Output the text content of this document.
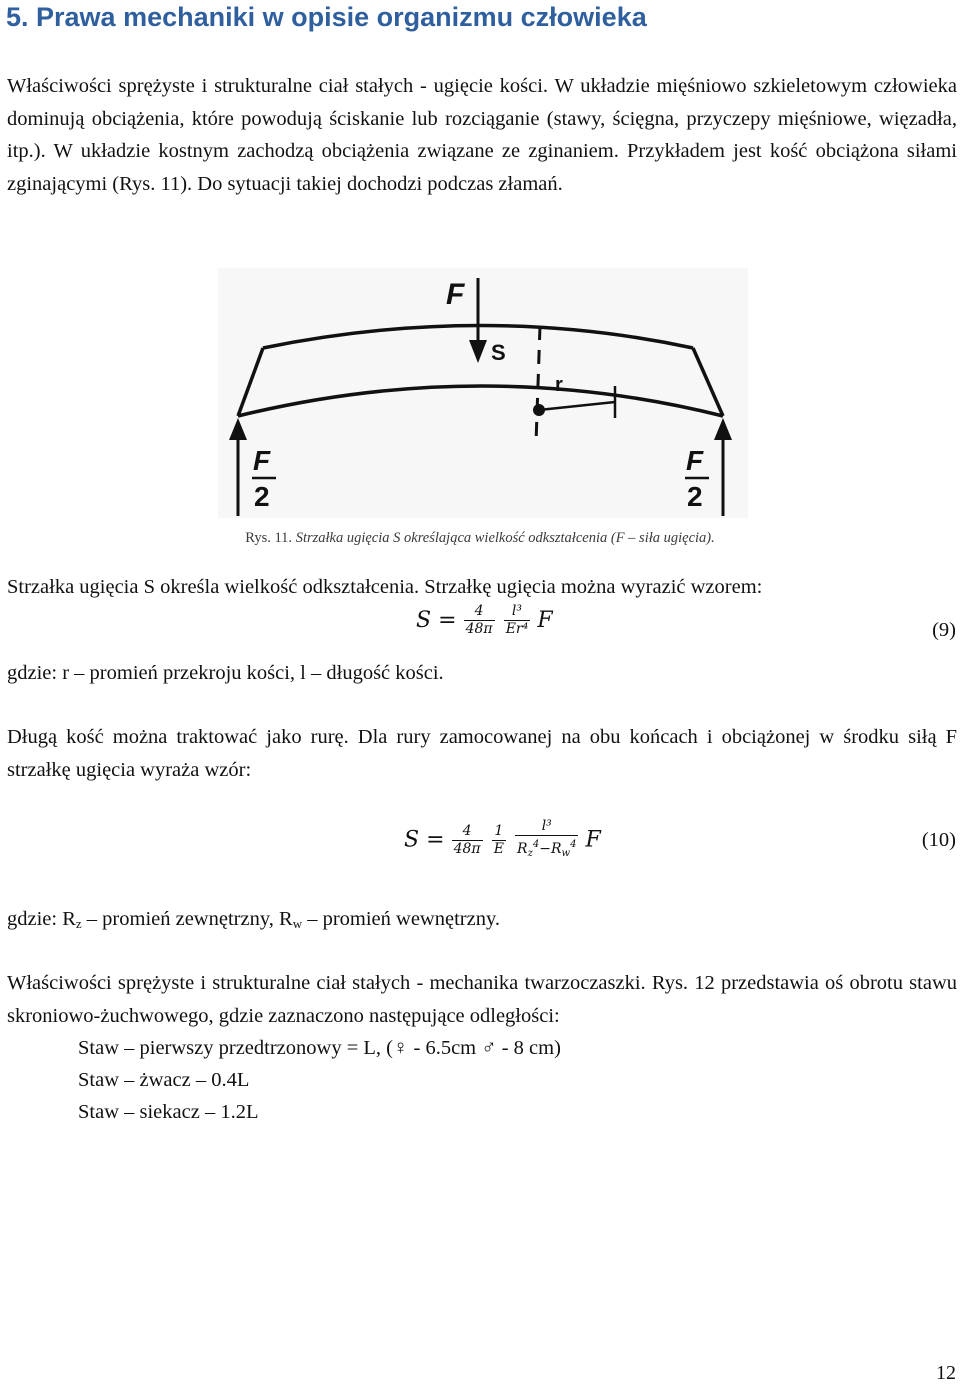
5. Prawa mechaniki w opisie organizmu człowieka

Właściwości sprężyste i strukturalne ciał stałych - ugięcie kości. W układzie mięśniowo szkieletowym człowieka dominują obciążenia, które powodują ściskanie lub rozciąganie (stawy, ścięgna, przyczepy mięśniowe, więzadła, itp.). W układzie kostnym zachodzą obciążenia związane ze zginaniem. Przykładem jest kość obciążona siłami zginającymi (Rys. 11). Do sytuacji takiej dochodzi podczas złamań.

F
S
r
F
2
F
2
Rys. 11. Strzałka ugięcia S określająca wielkość odkształcenia (F – siła ugięcia).

Strzałka ugięcia S określa wielkość odkształcenia. Strzałkę ugięcia można wyrazić wzorem:

$S = \frac{4}{48\pi}$
$\frac{\text{l³}}{\text{Er⁴}}$ F	(9)

gdzie: r – promień przekroju kości, l – długość kości.

Długą kość można traktować jako rurę. Dla rury zamocowanej na obu końcach i obciążonej w środku siłą F strzałkę ugięcia wyraża wzór:

$S = \frac{4}{48\pi}$
$\frac{1}{E}$
$\frac{\text{l³}}{R_z^4-R_w^4}$ F	(10)

gdzie: $R_z$ – promień zewnętrzny, $R_w$ – promień wewnętrzny.

Właściwości sprężyste i strukturalne ciał stałych - mechanika twarzoczaszki. Rys. 12 przedstawia oś obrotu stawu skroniowo-żuchwowego, gdzie zaznaczono następujące odległości:

Staw – pierwszy przedtrzonowy = L, (♀ - 6.5cm ♂ - 8 cm)

Staw – żwacz – 0.4L

Staw – siekacz – 1.2L

12
